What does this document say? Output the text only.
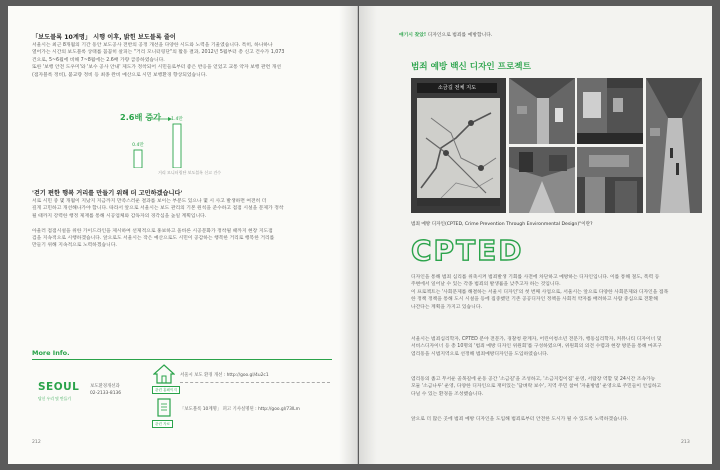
「보도블록 10계명」 시행 이후, 밝힌 보도블록 줄이
서울시는 최근 8개월의 기간 동안 보도공사 전반의 공정 개선을 다양한 시도와 노력을 기울였습니다. 특히, 하나하나
열어가는 시간의 보도블록 상태를 꼼꼼히 살피는 "거리 모니터링단"의 활동 결과, 2012년 5월부터 총 신고 건수가 1,073
건으로, 5~6월에 비해 7~8월에는 2.6배 가량 급증하였습니다.
또한 '보행 안전 도우미'와 '보수 공사 안내' 제도가 정착되어 시민들로부터 좋은 반응을 얻었고 교통 약자 보행 관련 개선
(점자블록 정비), 불교량 정비 등 최종 완비 예산으로 시민 보행환경 향상되었습니다.
2.6배 증가 1.4만
0.4만
거리 모니터링단 보도블록 신고 건수
'걷기 편한 행복 거리를 만들기 위해 더 고민하겠습니다'
서로 시민 중 몇 개월이 지났지 지금까지 만족스러운 결과를 보이는 부분도 있으나 몇 시 사고 발생하면 여전히 더
깊게 고민하고 개선해나가야 합니다. 따라서 앞으로 서울시는 보도 관리의 기본 원칙을 준수하고 점점 시설을 문제가 정착
될 때까지 강력한 행정 제재를 통해 시공업체와 감독자의 경각심을 높일 계획입니다.
아울러 점점시설을 위한 가이드라인을 제시하여 선제적으로 홍보하고 올바른 시공문화가 정착될 때까지 현장 지도점
검을 지속적으로 시행하겠습니다. 앞으로도 서울시는 작은 예산으로도 시민이 공감하는 행복한 거리로 행복한 거리를
만들기 위해 지속적으로 노력하겠습니다.
More Info.
SEOUL
당신 우리 및 만들기
보도환경개선과
02-2133-8136
관련 홈페이지
서울시 보도 환경 개선 : http://goo.gl/4u2c1
관련 자료
「보도블록 10계명」 펴고 기사실명된 : http://goo.gl/73lLm
212
얘기시 찾았! 디자인으로 범죄를 예방합니다.
범죄 예방 백신 디자인 프로젝트
소금길 전체 지도
범죄 예방 디자인(CPTED, Crime Prevention Through Environmental Design)"이란?
CPTED
디자인을 통해 범죄 심리를 위축시켜 범죄발생 기회를 사전에 차단하고 예방하는 디자인입니다. 이를 통해 절도, 폭력 등
주변에서 일어날 수 있는 각종 범죄의 발생률을 낮추고자 하는 것입니다.
이 프로젝트는 '사회문제를 해결하는 서울시 디자인'의 첫 번째 사업으로, 서울시는 앞으로 다양한 사회문제와 디자인을 접목
한 정책 정책을 통해 도시 시설을 등에 집중했던 기존 공공디자인 정책을 사회적 약자를 배려하고 사람 중심으로 전환해
나간다는 계획을 가지고 있습니다.
서울시는 범죄심리학자, CPTED 분야 전문가, 경찰청 관계자, 어린이청소년 전문가, 행동심리학자, 커뮤니티 디자이너 및
서비스디자이너 등 총 10명의 '범죄 예방 디자인 위원회'를 구성하였으며, 위원회의 의견 수렴과 현장 방문을 통해 마포구
염리동을 시범지역으로 선정해 범죄예방디자인을 도입하였습니다.
염리동의 좁고 무서운 골목길에 운동 공간 '소금길'을 조성하고, '소금지킴이집' 운영, 서랍장 역할 및 24시간 조속가능
모듈 '소금나루' 운영, 다양한 디자인으로 재미있는 '담벼락 보수', 지역 주민 참여 '자율방범' 운영으로 주민들이 안심하고
다닐 수 있는 환경을 조성했습니다.
앞으로 더 많은 곳에 범죄 예방 디자인을 도입해 범죄로부터 안전한 도시가 될 수 있도록 노력하겠습니다.
213
